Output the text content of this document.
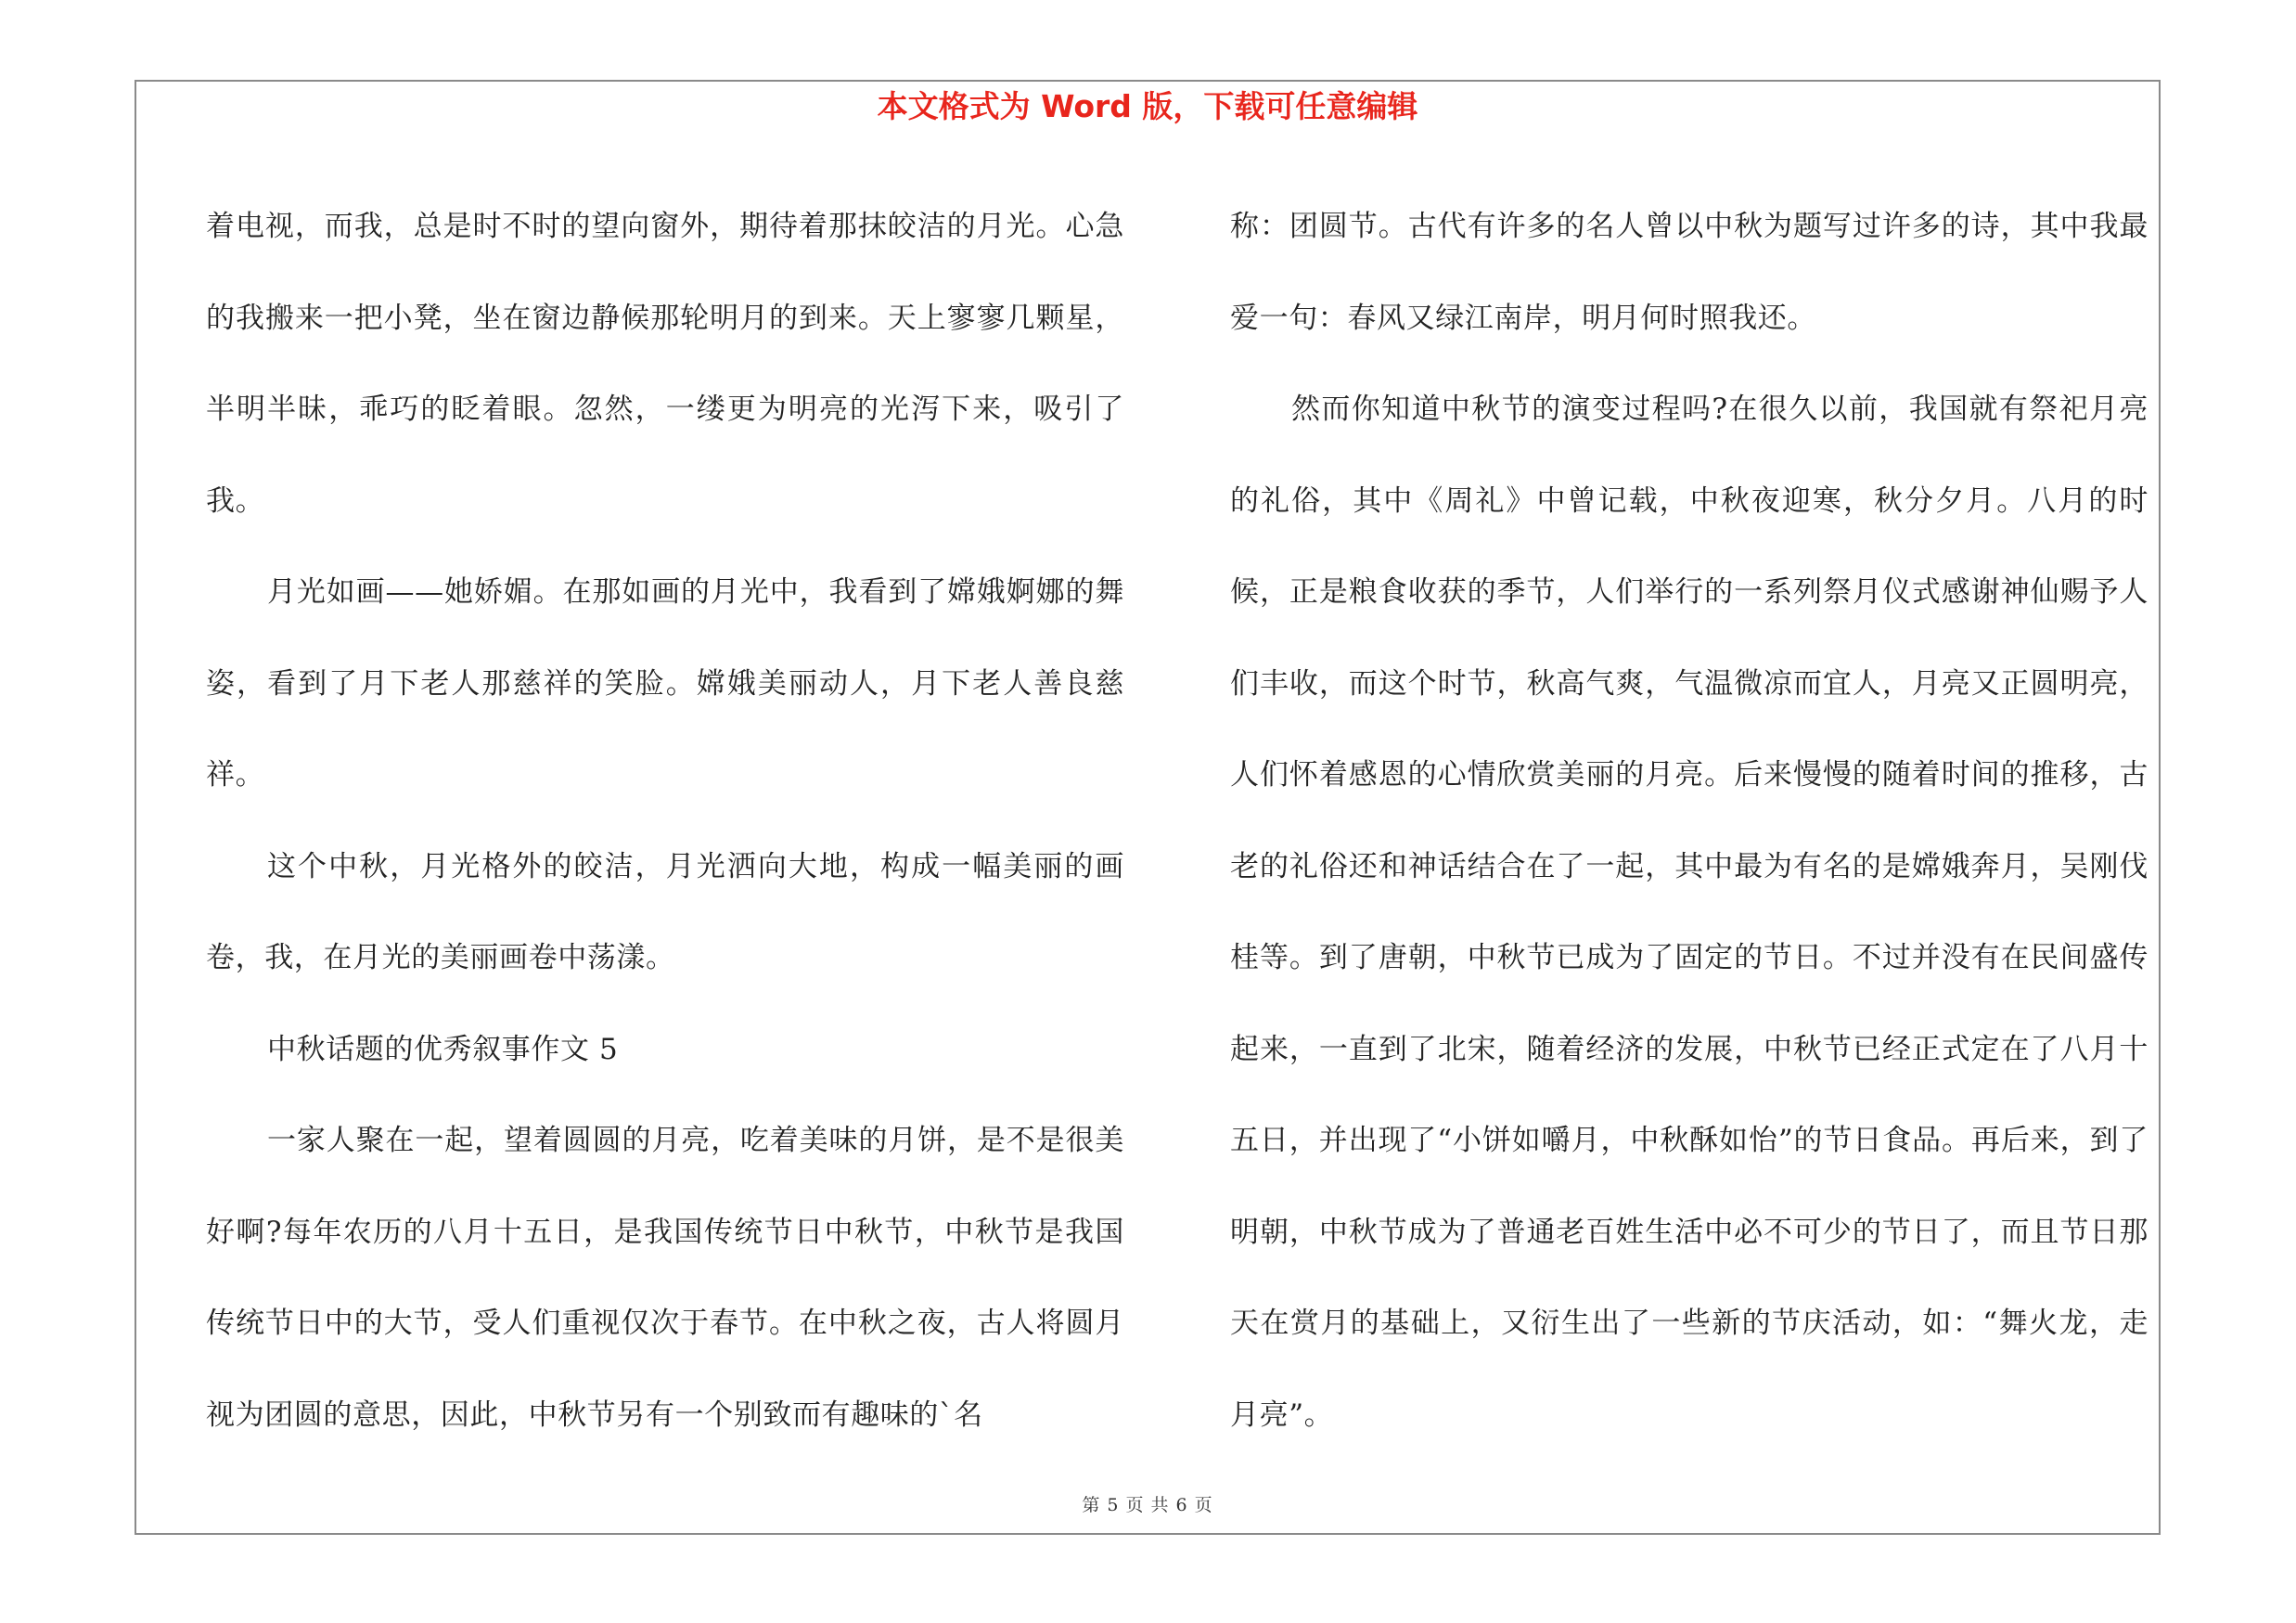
本文格式为 Word 版，下载可任意编辑

着电视，而我，总是时不时的望向窗外，期待着那抹皎洁的月光。心急的我搬来一把小凳，坐在窗边静候那轮明月的到来。天上寥寥几颗星，半明半昧，乖巧的眨着眼。忽然，一缕更为明亮的光泻下来，吸引了我。

月光如画——她娇媚。在那如画的月光中，我看到了嫦娥婀娜的舞姿，看到了月下老人那慈祥的笑脸。嫦娥美丽动人，月下老人善良慈祥。

这个中秋，月光格外的皎洁，月光洒向大地，构成一幅美丽的画卷，我，在月光的美丽画卷中荡漾。

中秋话题的优秀叙事作文 5

一家人聚在一起，望着圆圆的月亮，吃着美味的月饼，是不是很美好啊?每年农历的八月十五日，是我国传统节日中秋节，中秋节是我国传统节日中的大节，受人们重视仅次于春节。在中秋之夜，古人将圆月视为团圆的意思，因此，中秋节另有一个别致而有趣味的`名

称：团圆节。古代有许多的名人曾以中秋为题写过许多的诗，其中我最爱一句：春风又绿江南岸，明月何时照我还。

然而你知道中秋节的演变过程吗?在很久以前，我国就有祭祀月亮的礼俗，其中《周礼》中曾记载，中秋夜迎寒，秋分夕月。八月的时候，正是粮食收获的季节，人们举行的一系列祭月仪式感谢神仙赐予人们丰收，而这个时节，秋高气爽，气温微凉而宜人，月亮又正圆明亮，人们怀着感恩的心情欣赏美丽的月亮。后来慢慢的随着时间的推移，古老的礼俗还和神话结合在了一起，其中最为有名的是嫦娥奔月，吴刚伐桂等。到了唐朝，中秋节已成为了固定的节日。不过并没有在民间盛传起来，一直到了北宋，随着经济的发展，中秋节已经正式定在了八月十五日，并出现了“小饼如嚼月，中秋酥如怡”的节日食品。再后来，到了明朝，中秋节成为了普通老百姓生活中必不可少的节日了，而且节日那天在赏月的基础上，又衍生出了一些新的节庆活动，如：“舞火龙，走月亮”。

第 5 页 共 6 页
